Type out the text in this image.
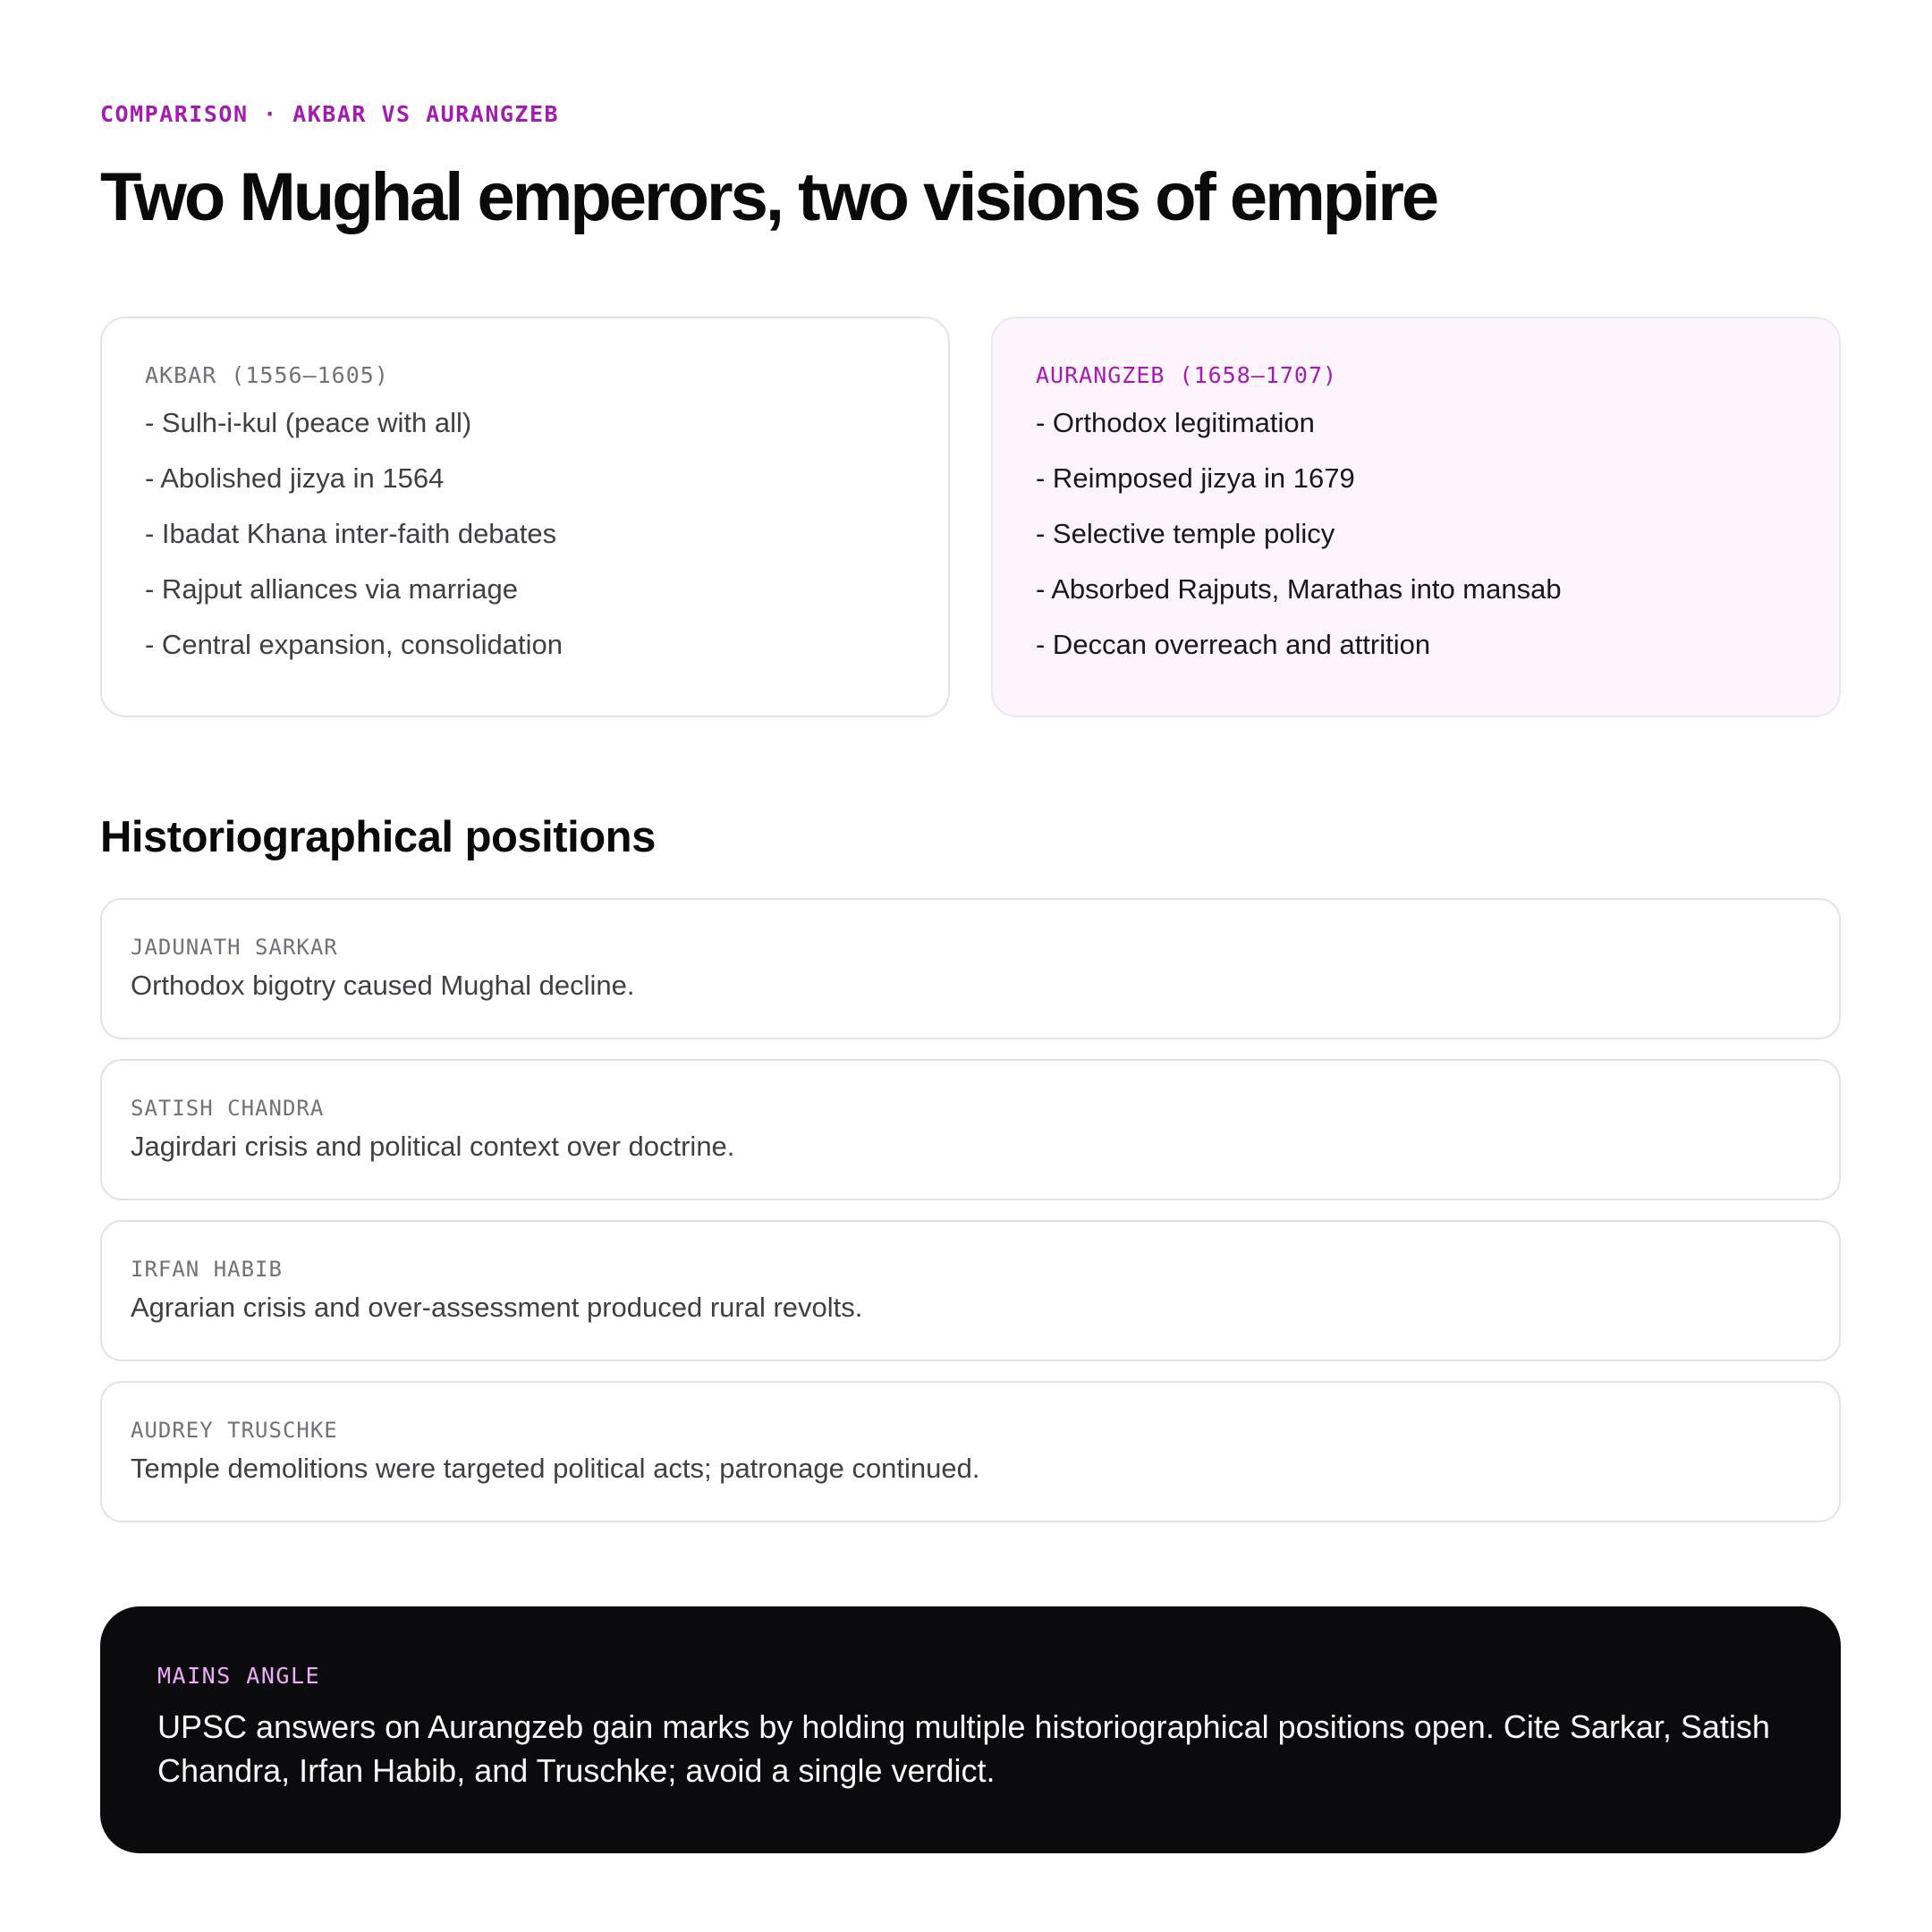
COMPARISON · AKBAR VS AURANGZEB
Two Mughal emperors, two visions of empire
AKBAR (1556–1605)
- Sulh-i-kul (peace with all)
- Abolished jizya in 1564
- Ibadat Khana inter-faith debates
- Rajput alliances via marriage
- Central expansion, consolidation
AURANGZEB (1658–1707)
- Orthodox legitimation
- Reimposed jizya in 1679
- Selective temple policy
- Absorbed Rajputs, Marathas into mansab
- Deccan overreach and attrition
Historiographical positions
JADUNATH SARKAR
Orthodox bigotry caused Mughal decline.
SATISH CHANDRA
Jagirdari crisis and political context over doctrine.
IRFAN HABIB
Agrarian crisis and over-assessment produced rural revolts.
AUDREY TRUSCHKE
Temple demolitions were targeted political acts; patronage continued.
MAINS ANGLE
UPSC answers on Aurangzeb gain marks by holding multiple historiographical positions open. Cite Sarkar, Satish Chandra, Irfan Habib, and Truschke; avoid a single verdict.
